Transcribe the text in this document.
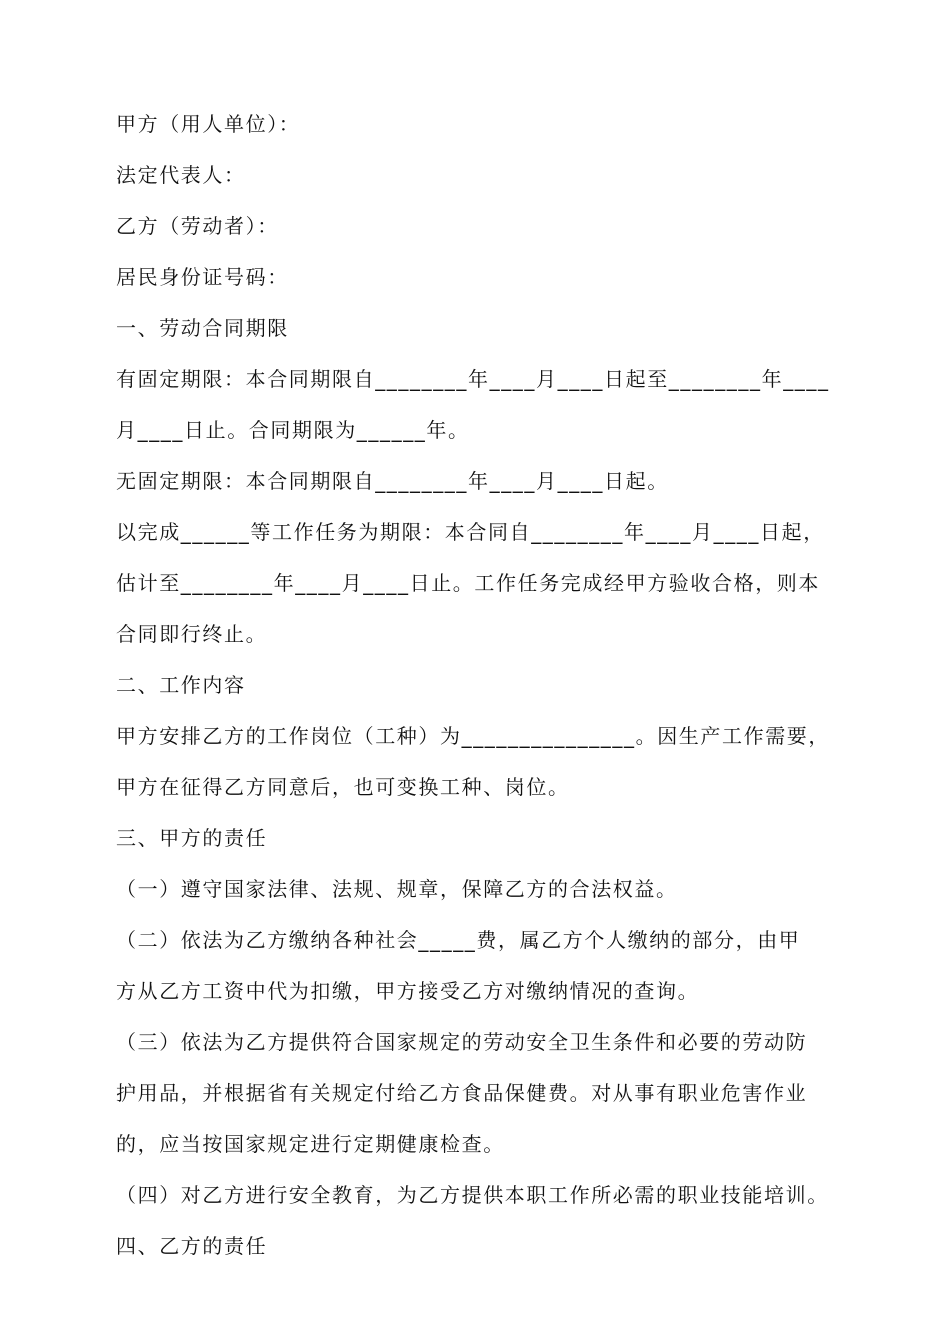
甲方（用人单位）：
法定代表人：
乙方（劳动者）：
居民身份证号码：
一、劳动合同期限
有固定期限：本合同期限自________年____月____日起至________年____
月____日止。合同期限为______年。
无固定期限：本合同期限自________年____月____日起。
以完成______等工作任务为期限：本合同自________年____月____日起，
估计至________年____月____日止。工作任务完成经甲方验收合格，则本
合同即行终止。
二、工作内容
甲方安排乙方的工作岗位（工种）为_______________。因生产工作需要，
甲方在征得乙方同意后，也可变换工种、岗位。
三、甲方的责任
（一）遵守国家法律、法规、规章，保障乙方的合法权益。
（二）依法为乙方缴纳各种社会_____费，属乙方个人缴纳的部分，由甲
方从乙方工资中代为扣缴，甲方接受乙方对缴纳情况的查询。
（三）依法为乙方提供符合国家规定的劳动安全卫生条件和必要的劳动防
护用品，并根据省有关规定付给乙方食品保健费。对从事有职业危害作业
的，应当按国家规定进行定期健康检查。
（四）对乙方进行安全教育，为乙方提供本职工作所必需的职业技能培训。
四、乙方的责任
